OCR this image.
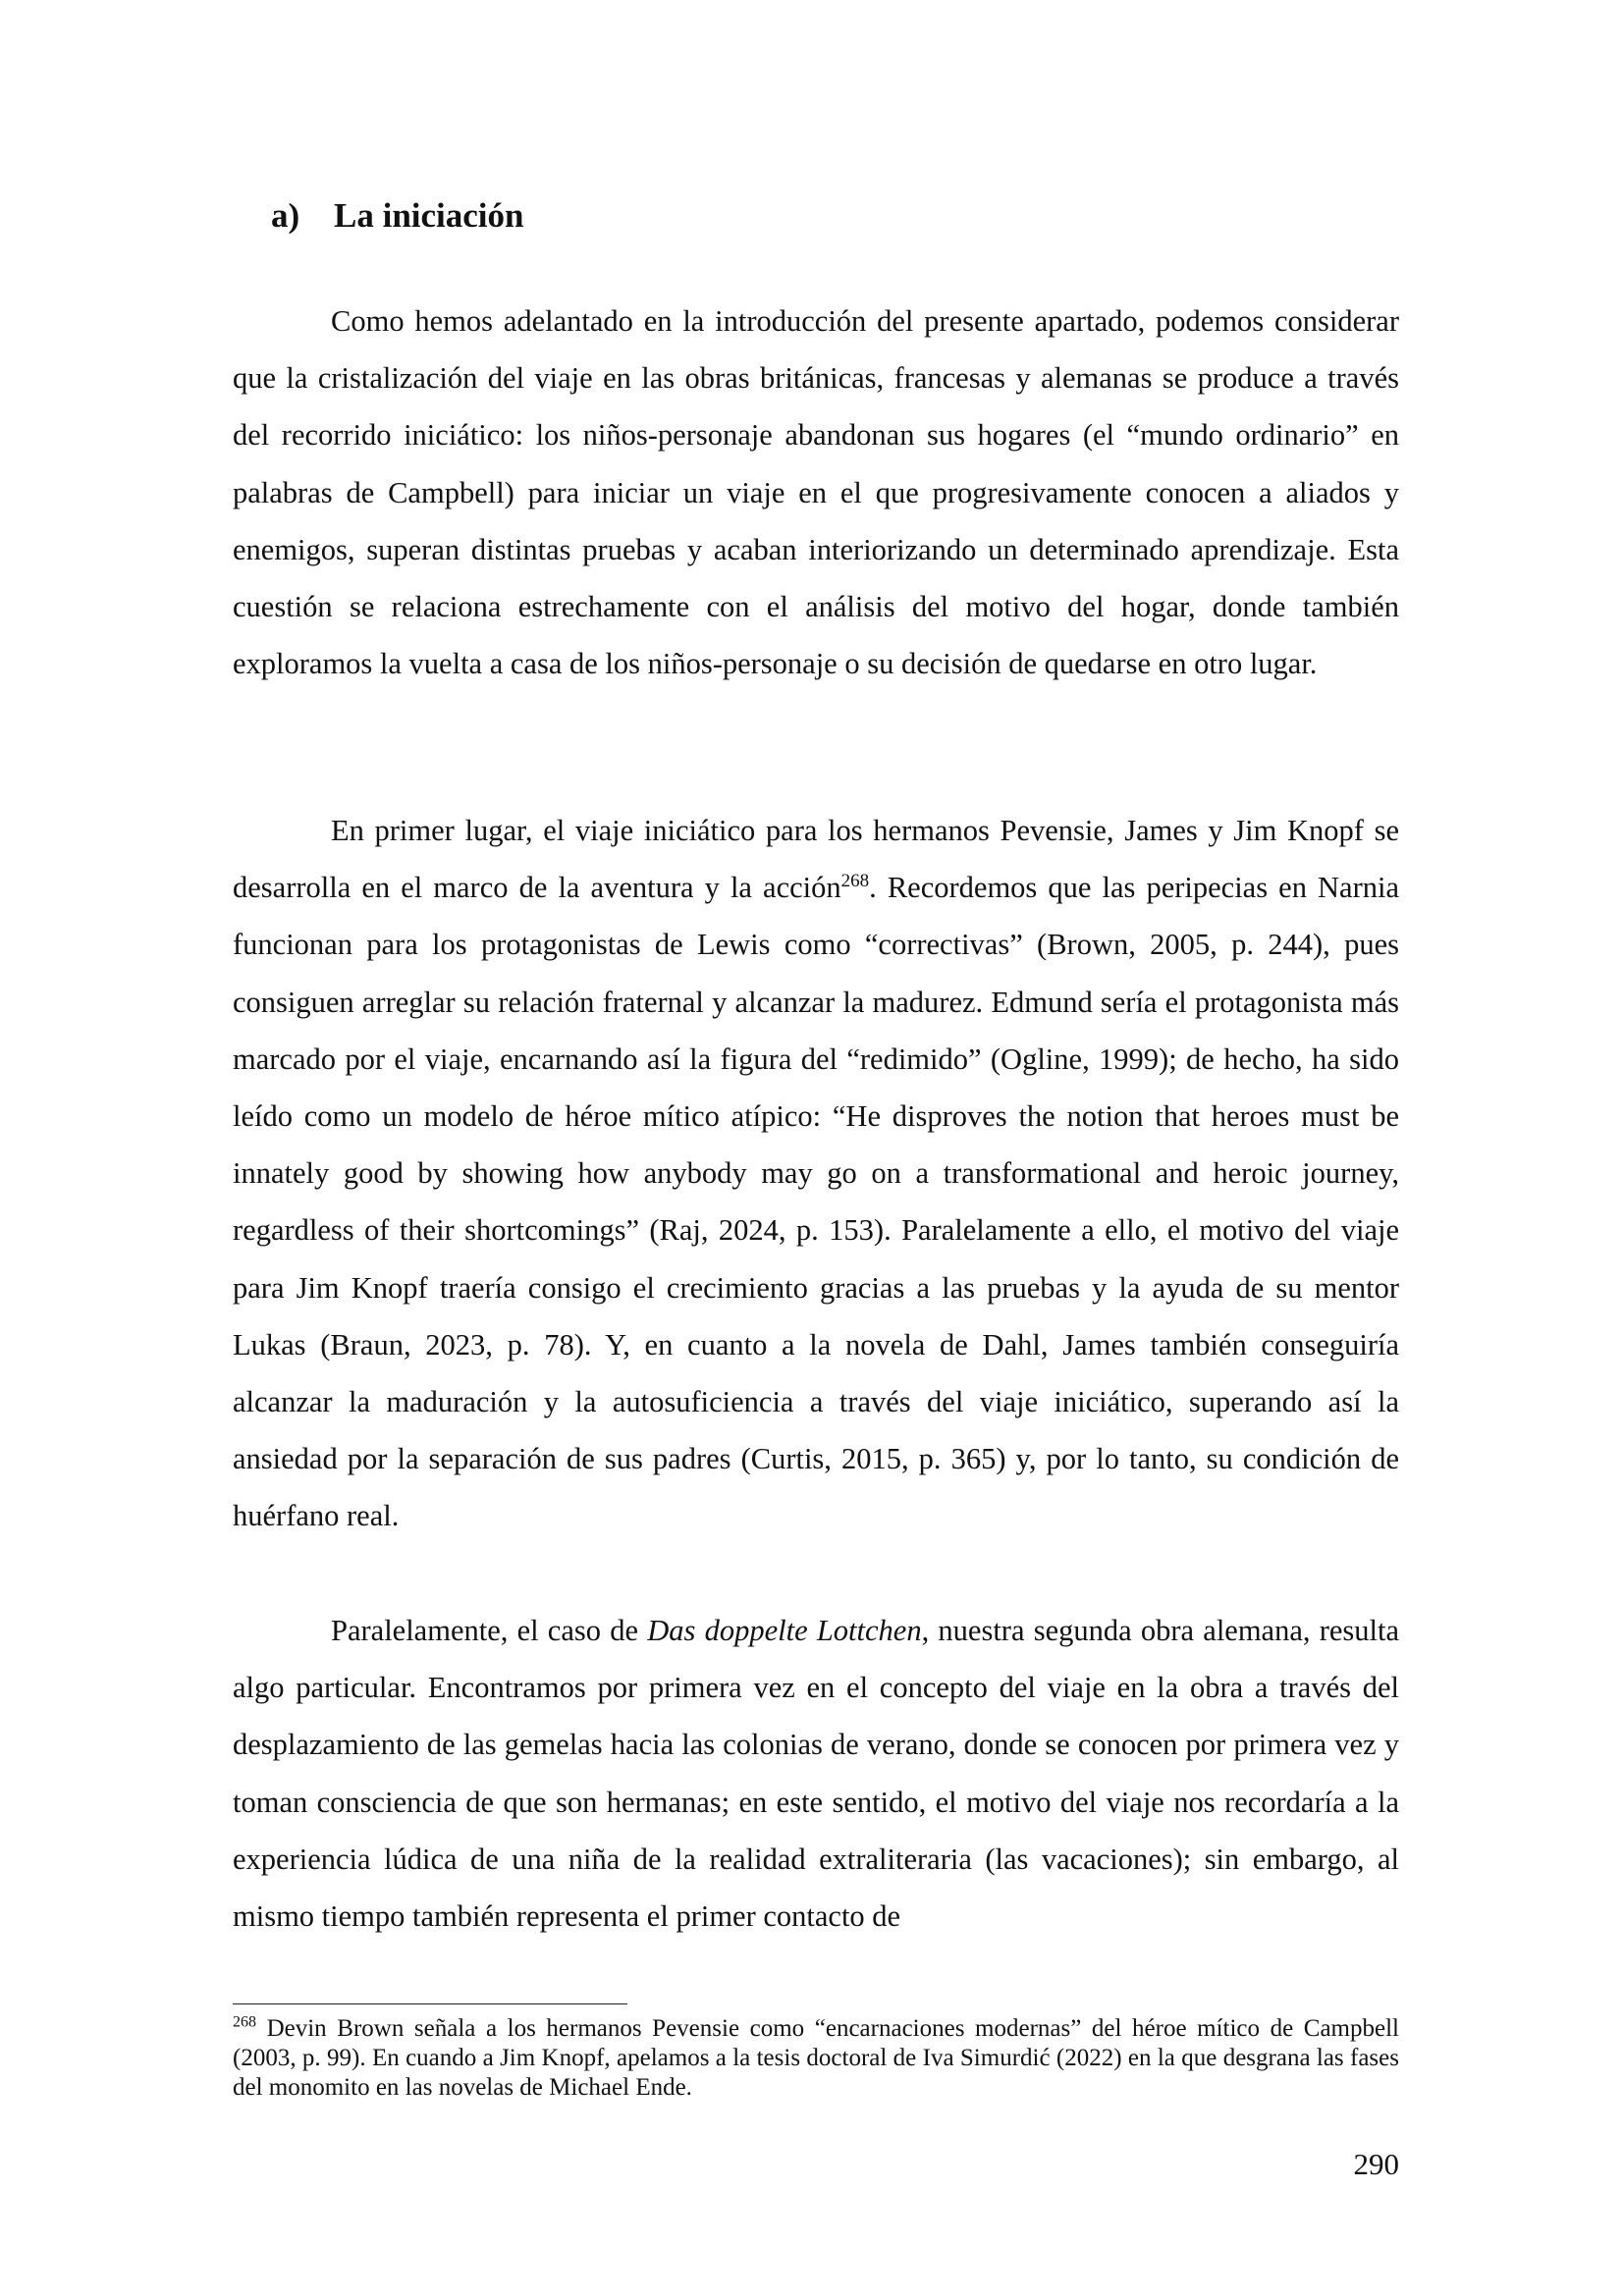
a) La iniciación

Como hemos adelantado en la introducción del presente apartado, podemos considerar que la cristalización del viaje en las obras británicas, francesas y alemanas se produce a través del recorrido iniciático: los niños-personaje abandonan sus hogares (el “mundo ordinario” en palabras de Campbell) para iniciar un viaje en el que progresivamente conocen a aliados y enemigos, superan distintas pruebas y acaban interiorizando un determinado aprendizaje. Esta cuestión se relaciona estrechamente con el análisis del motivo del hogar, donde también exploramos la vuelta a casa de los niños-personaje o su decisión de quedarse en otro lugar.

En primer lugar, el viaje iniciático para los hermanos Pevensie, James y Jim Knopf se desarrolla en el marco de la aventura y la acción$^{268}$. Recordemos que las peripecias en Narnia funcionan para los protagonistas de Lewis como “correctivas” (Brown, 2005, p. 244), pues consiguen arreglar su relación fraternal y alcanzar la madurez. Edmund sería el protagonista más marcado por el viaje, encarnando así la figura del “redimido” (Ogline, 1999); de hecho, ha sido leído como un modelo de héroe mítico atípico: “He disproves the notion that heroes must be innately good by showing how anybody may go on a transformational and heroic journey, regardless of their shortcomings” (Raj, 2024, p. 153). Paralelamente a ello, el motivo del viaje para Jim Knopf traería consigo el crecimiento gracias a las pruebas y la ayuda de su mentor Lukas (Braun, 2023, p. 78). Y, en cuanto a la novela de Dahl, James también conseguiría alcanzar la maduración y la autosuficiencia a través del viaje iniciático, superando así la ansiedad por la separación de sus padres (Curtis, 2015, p. 365) y, por lo tanto, su condición de huérfano real.

Paralelamente, el caso de Das doppelte Lottchen, nuestra segunda obra alemana, resulta algo particular. Encontramos por primera vez en el concepto del viaje en la obra a través del desplazamiento de las gemelas hacia las colonias de verano, donde se conocen por primera vez y toman consciencia de que son hermanas; en este sentido, el motivo del viaje nos recordaría a la experiencia lúdica de una niña de la realidad extraliteraria (las vacaciones); sin embargo, al mismo tiempo también representa el primer contacto de

$^{268}$ Devin Brown señala a los hermanos Pevensie como “encarnaciones modernas” del héroe mítico de Campbell (2003, p. 99). En cuando a Jim Knopf, apelamos a la tesis doctoral de Iva Simurdić (2022) en la que desgrana las fases del monomito en las novelas de Michael Ende.

290
